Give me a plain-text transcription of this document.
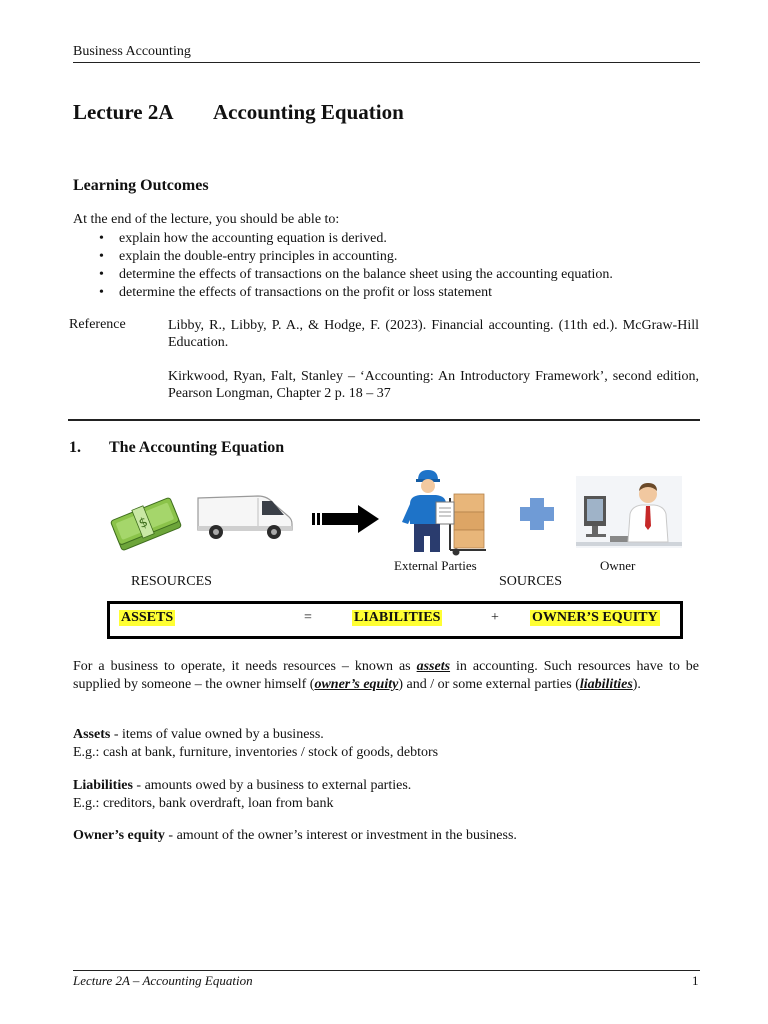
Business Accounting
Lecture 2A Accounting Equation
Learning Outcomes
At the end of the lecture, you should be able to:
• explain how the accounting equation is derived.
• explain the double-entry principles in accounting.
• determine the effects of transactions on the balance sheet using the accounting equation.
• determine the effects of transactions on the profit or loss statement
Reference	Libby, R., Libby, P. A., & Hodge, F. (2023). Financial accounting. (11th ed.). McGraw-Hill Education.
Kirkwood, Ryan, Falt, Stanley – ‘Accounting: An Introductory Framework’, second edition, Pearson Longman, Chapter 2 p. 18 – 37
1. The Accounting Equation
$
External Parties	Owner
RESOURCES	SOURCES
ASSETS	=	LIABILITIES	+ OWNER’S EQUITY
For a business to operate, it needs resources – known as assets in accounting. Such resources have to be supplied by someone – the owner himself (owner’s equity) and / or some external parties (liabilities).
Assets - items of value owned by a business.
E.g.: cash at bank, furniture, inventories / stock of goods, debtors
Liabilities - amounts owed by a business to external parties.
E.g.: creditors, bank overdraft, loan from bank
Owner’s equity - amount of the owner’s interest or investment in the business.
Lecture 2A – Accounting Equation	1
